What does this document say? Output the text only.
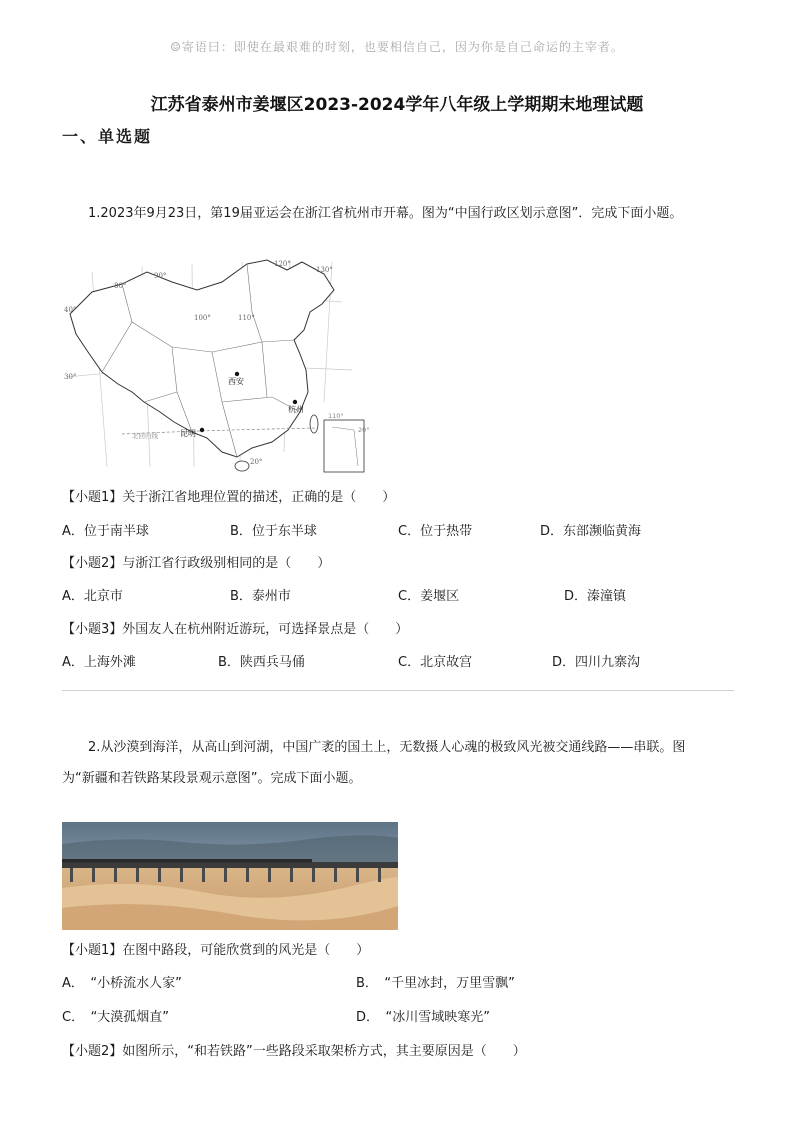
☺寄语曰：即使在最艰难的时刻，也要相信自己，因为你是自己命运的主宰者。
江苏省泰州市姜堰区2023-2024学年八年级上学期期末地理试题
一、单选题
1.2023年9月23日，第19届亚运会在浙江省杭州市开幕。图为“中国行政区划示意图”．完成下面小题。
80°
90°
100°	110°
120°
130°
40°
30°
20°
西安
杭州
昆明
北回归线
110°
20°
【小题1】关于浙江省地理位置的描述，正确的是（　　）
A．位于南半球	B．位于东半球	C．位于热带	D．东部濒临黄海
【小题2】与浙江省行政级别相同的是（　　）
A．北京市	B．泰州市	C．姜堰区	D．溱潼镇
【小题3】外国友人在杭州附近游玩，可选择景点是（　　）
A．上海外滩	B．陕西兵马俑	C．北京故宫	D．四川九寨沟
2.从沙漠到海洋，从高山到河湖，中国广袤的国土上，无数摄人心魂的极致风光被交通线路——串联。图
为“新疆和若铁路某段景观示意图”。完成下面小题。
【小题1】在图中路段，可能欣赏到的风光是（　　）
A．　“小桥流水人家”	B．　“千里冰封，万里雪飘”
C．　“大漠孤烟直”	D．　“冰川雪域映寒光”
【小题2】如图所示，“和若铁路”一些路段采取架桥方式，其主要原因是（　　）
